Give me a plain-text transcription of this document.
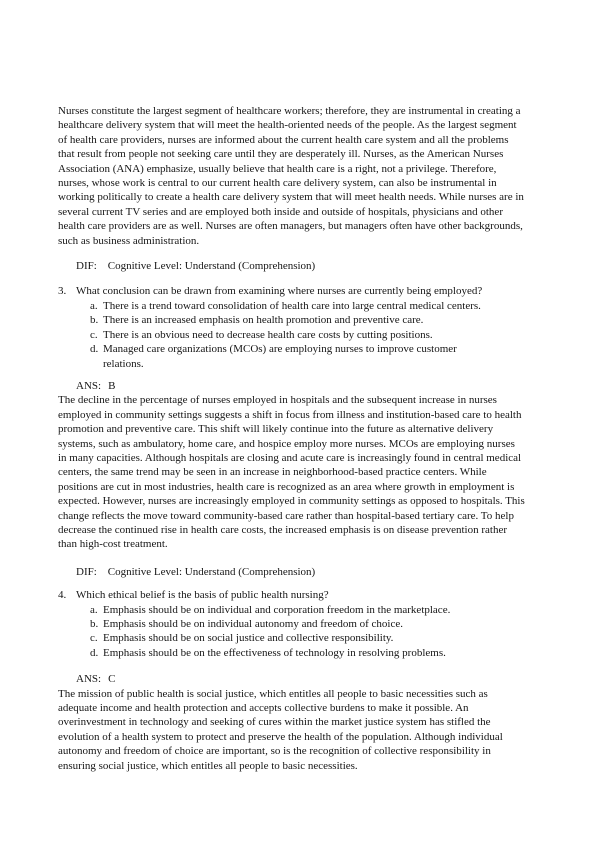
Nurses constitute the largest segment of healthcare workers; therefore, they are instrumental in creating a healthcare delivery system that will meet the health-oriented needs of the people. As the largest segment of health care providers, nurses are informed about the current health care system and all the problems that result from people not seeking care until they are desperately ill. Nurses, as the American Nurses Association (ANA) emphasize, usually believe that health care is a right, not a privilege. Therefore, nurses, whose work is central to our current health care delivery system, can also be instrumental in working politically to create a health care delivery system that will meet health needs. While nurses are in several current TV series and are employed both inside and outside of hospitals, physicians and other health care providers are as well. Nurses are often managers, but managers often have other backgrounds, such as business administration.

DIF: Cognitive Level: Understand (Comprehension)
3. What conclusion can be drawn from examining where nurses are currently being employed?
a. There is a trend toward consolidation of health care into large central medical centers.
b. There is an increased emphasis on health promotion and preventive care.
c. There is an obvious need to decrease health care costs by cutting positions.
d. Managed care organizations (MCOs) are employing nurses to improve customer relations.
ANS: B

The decline in the percentage of nurses employed in hospitals and the subsequent increase in nurses employed in community settings suggests a shift in focus from illness and institution-based care to health promotion and preventive care. This shift will likely continue into the future as alternative delivery systems, such as ambulatory, home care, and hospice employ more nurses. MCOs are employing nurses in many capacities. Although hospitals are closing and acute care is increasingly found in central medical centers, the same trend may be seen in an increase in neighborhood-based practice centers. While positions are cut in most industries, health care is recognized as an area where growth in employment is expected. However, nurses are increasingly employed in community settings as opposed to hospitals. This change reflects the move toward community-based care rather than hospital-based tertiary care. To help decrease the continued rise in health care costs, the increased emphasis is on disease prevention rather than high-cost treatment.

DIF: Cognitive Level: Understand (Comprehension)
4. Which ethical belief is the basis of public health nursing?
a. Emphasis should be on individual and corporation freedom in the marketplace.
b. Emphasis should be on individual autonomy and freedom of choice.
c. Emphasis should be on social justice and collective responsibility.
d. Emphasis should be on the effectiveness of technology in resolving problems.
ANS: C

The mission of public health is social justice, which entitles all people to basic necessities such as adequate income and health protection and accepts collective burdens to make it possible. An overinvestment in technology and seeking of cures within the market justice system has stifled the evolution of a health system to protect and preserve the health of the population. Although individual autonomy and freedom of choice are important, so is the recognition of collective responsibility in ensuring social justice, which entitles all people to basic necessities.
